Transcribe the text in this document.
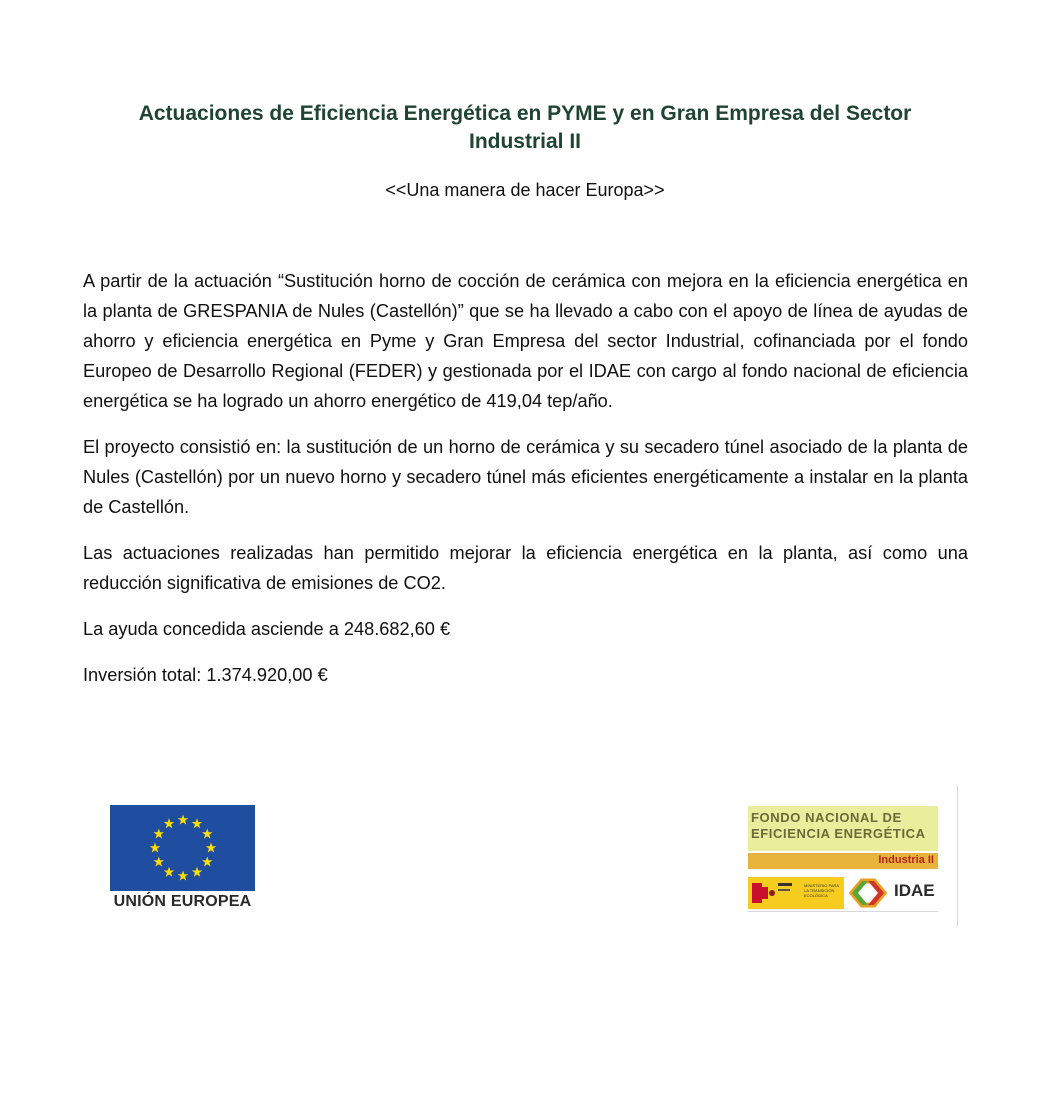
Actuaciones de Eficiencia Energética en PYME y en Gran Empresa del Sector
Industrial II
<<Una manera de hacer Europa>>

A partir de la actuación “Sustitución horno de cocción de cerámica con mejora en la eficiencia energética en la planta de GRESPANIA de Nules (Castellón)” que se ha llevado a cabo con el apoyo de línea de ayudas de ahorro y eficiencia energética en Pyme y Gran Empresa del sector Industrial, cofinanciada por el fondo Europeo de Desarrollo Regional (FEDER) y gestionada por el IDAE con cargo al fondo nacional de eficiencia energética se ha logrado un ahorro energético de 419,04 tep/año.

El proyecto consistió en: la sustitución de un horno de cerámica y su secadero túnel asociado de la planta de Nules (Castellón) por un nuevo horno y secadero túnel más eficientes energéticamente a instalar en la planta de Castellón.

Las actuaciones realizadas han permitido mejorar la eficiencia energética en la planta, así como una reducción significativa de emisiones de CO2.

La ayuda concedida asciende a 248.682,60 €

Inversión total: 1.374.920,00 €

UNIÓN EUROPEA
FONDO NACIONAL DE
EFICIENCIA ENERGÉTICA
Industria II
MINISTERIO PARA LA TRANSICIÓN ECOLÓGICA	IDAE
